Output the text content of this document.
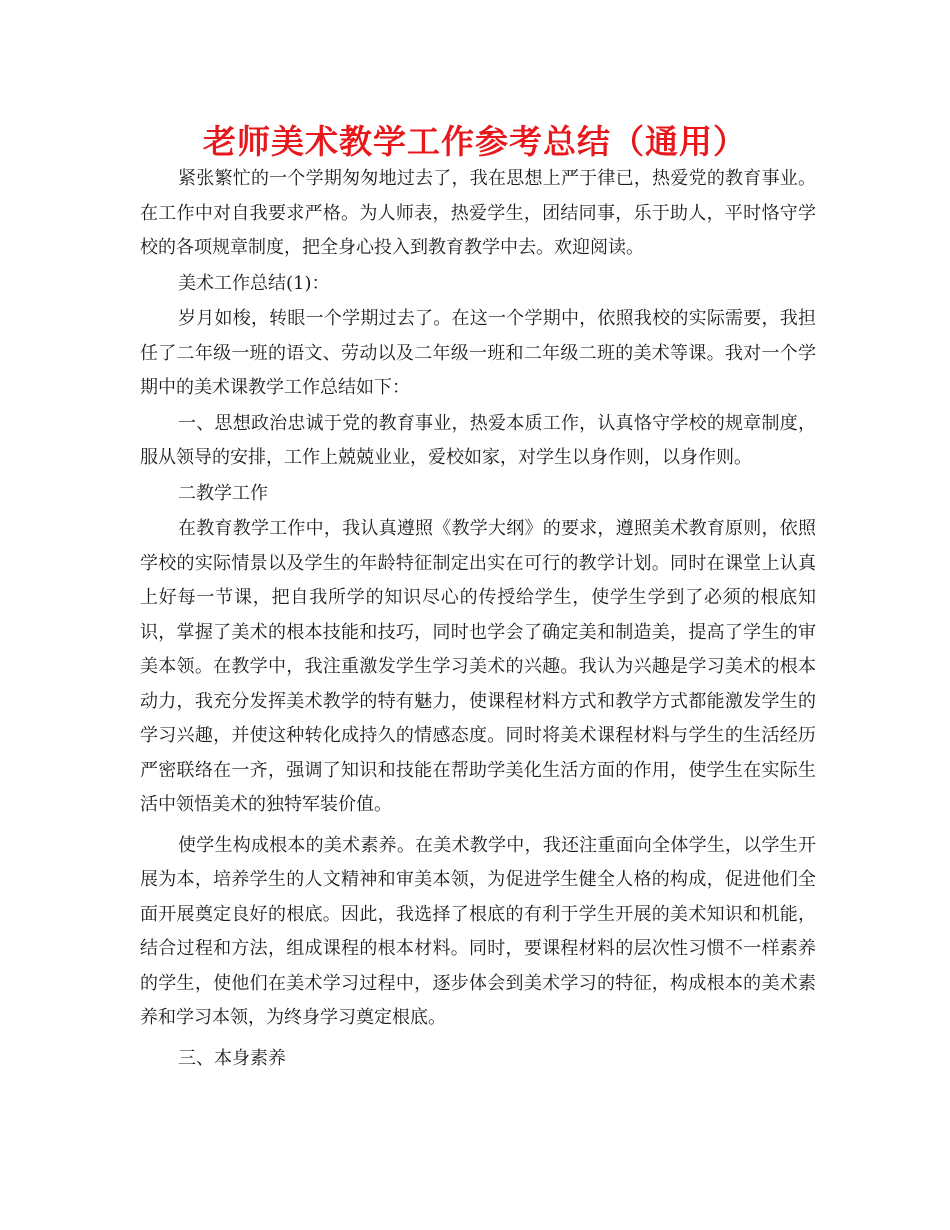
老师美术教学工作参考总结（通用）

紧张繁忙的一个学期匆匆地过去了，我在思想上严于律已，热爱党的教育事业。在工作中对自我要求严格。为人师表，热爱学生，团结同事，乐于助人，平时恪守学校的各项规章制度，把全身心投入到教育教学中去。欢迎阅读。

美术工作总结(1)：

岁月如梭，转眼一个学期过去了。在这一个学期中，依照我校的实际需要，我担任了二年级一班的语文、劳动以及二年级一班和二年级二班的美术等课。我对一个学期中的美术课教学工作总结如下：

一、思想政治忠诚于党的教育事业，热爱本质工作，认真恪守学校的规章制度，服从领导的安排，工作上兢兢业业，爱校如家，对学生以身作则，以身作则。

二教学工作

在教育教学工作中，我认真遵照《教学大纲》的要求，遵照美术教育原则，依照学校的实际情景以及学生的年龄特征制定出实在可行的教学计划。同时在课堂上认真上好每一节课，把自我所学的知识尽心的传授给学生，使学生学到了必须的根底知识，掌握了美术的根本技能和技巧，同时也学会了确定美和制造美，提高了学生的审美本领。在教学中，我注重激发学生学习美术的兴趣。我认为兴趣是学习美术的根本动力，我充分发挥美术教学的特有魅力，使课程材料方式和教学方式都能激发学生的学习兴趣，并使这种转化成持久的情感态度。同时将美术课程材料与学生的生活经历严密联络在一齐，强调了知识和技能在帮助学美化生活方面的作用，使学生在实际生活中领悟美术的独特军装价值。

使学生构成根本的美术素养。在美术教学中，我还注重面向全体学生，以学生开展为本，培养学生的人文精神和审美本领，为促进学生健全人格的构成，促进他们全面开展奠定良好的根底。因此，我选择了根底的有利于学生开展的美术知识和机能，结合过程和方法，组成课程的根本材料。同时，要课程材料的层次性习惯不一样素养的学生，使他们在美术学习过程中，逐步体会到美术学习的特征，构成根本的美术素养和学习本领，为终身学习奠定根底。

三、本身素养
